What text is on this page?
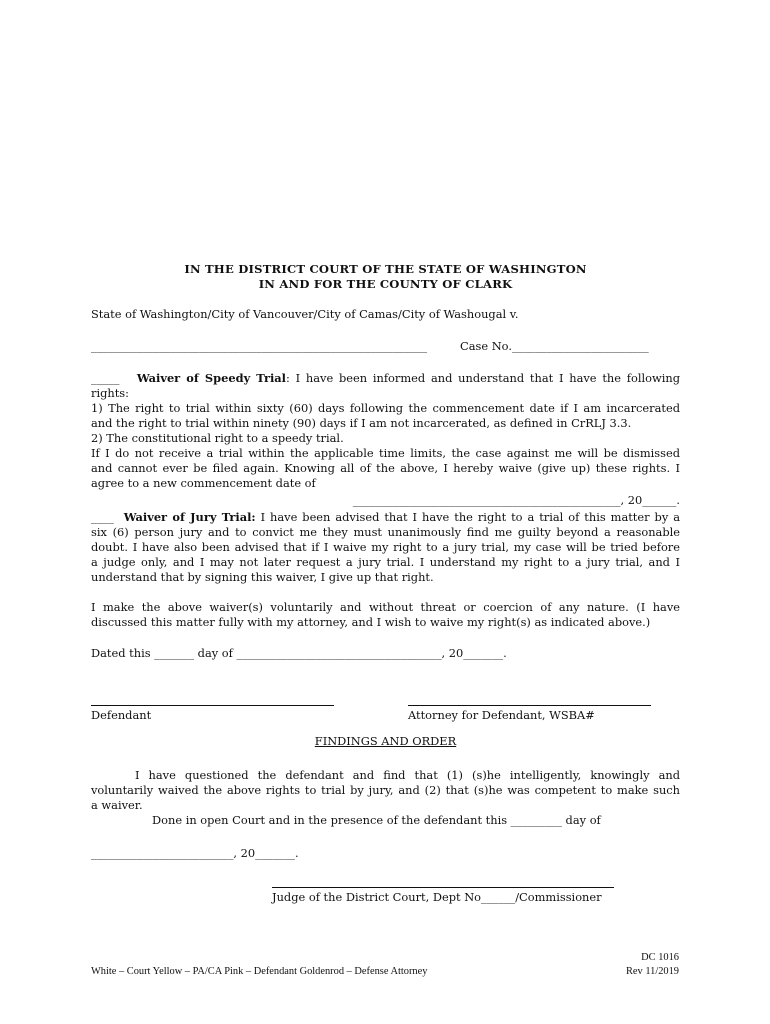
IN THE DISTRICT COURT OF THE STATE OF WASHINGTON
IN AND FOR THE COUNTY OF CLARK
State of Washington/City of Vancouver/City of Camas/City of Washougal v.
___________________________________________________________	Case No.________________________
_____ Waiver of Speedy Trial: I have been informed and understand that I have the following
rights:
1) The right to trial within sixty (60) days following the commencement date if I am incarcerated
and the right to trial within ninety (90) days if I am not incarcerated, as defined in CrRLJ 3.3.
2) The constitutional right to a speedy trial.
If I do not receive a trial within the applicable time limits, the case against me will be dismissed
and cannot ever be filed again. Knowing all of the above, I hereby waive (give up) these rights. I
agree to a new commencement date of
_______________________________________________, 20______.
____ Waiver of Jury Trial: I have been advised that I have the right to a trial of this matter by a
six (6) person jury and to convict me they must unanimously find me guilty beyond a reasonable
doubt. I have also been advised that if I waive my right to a jury trial, my case will be tried before
a judge only, and I may not later request a jury trial. I understand my right to a jury trial, and I
understand that by signing this waiver, I give up that right.
I make the above waiver(s) voluntarily and without threat or coercion of any nature. (I have
discussed this matter fully with my attorney, and I wish to waive my right(s) as indicated above.)
Dated this _______ day of ____________________________________, 20_______.
Defendant	Attorney for Defendant, WSBA#
FINDINGS AND ORDER
I have questioned the defendant and find that (1) (s)he intelligently, knowingly and
voluntarily waived the above rights to trial by jury, and (2) that (s)he was competent to make such
a waiver.
Done in open Court and in the presence of the defendant this _________ day of
_________________________, 20_______.
Judge of the District Court, Dept No______/Commissioner
DC 1016
White – Court Yellow – PA/CA Pink – Defendant Goldenrod – Defense Attorney	Rev 11/2019
